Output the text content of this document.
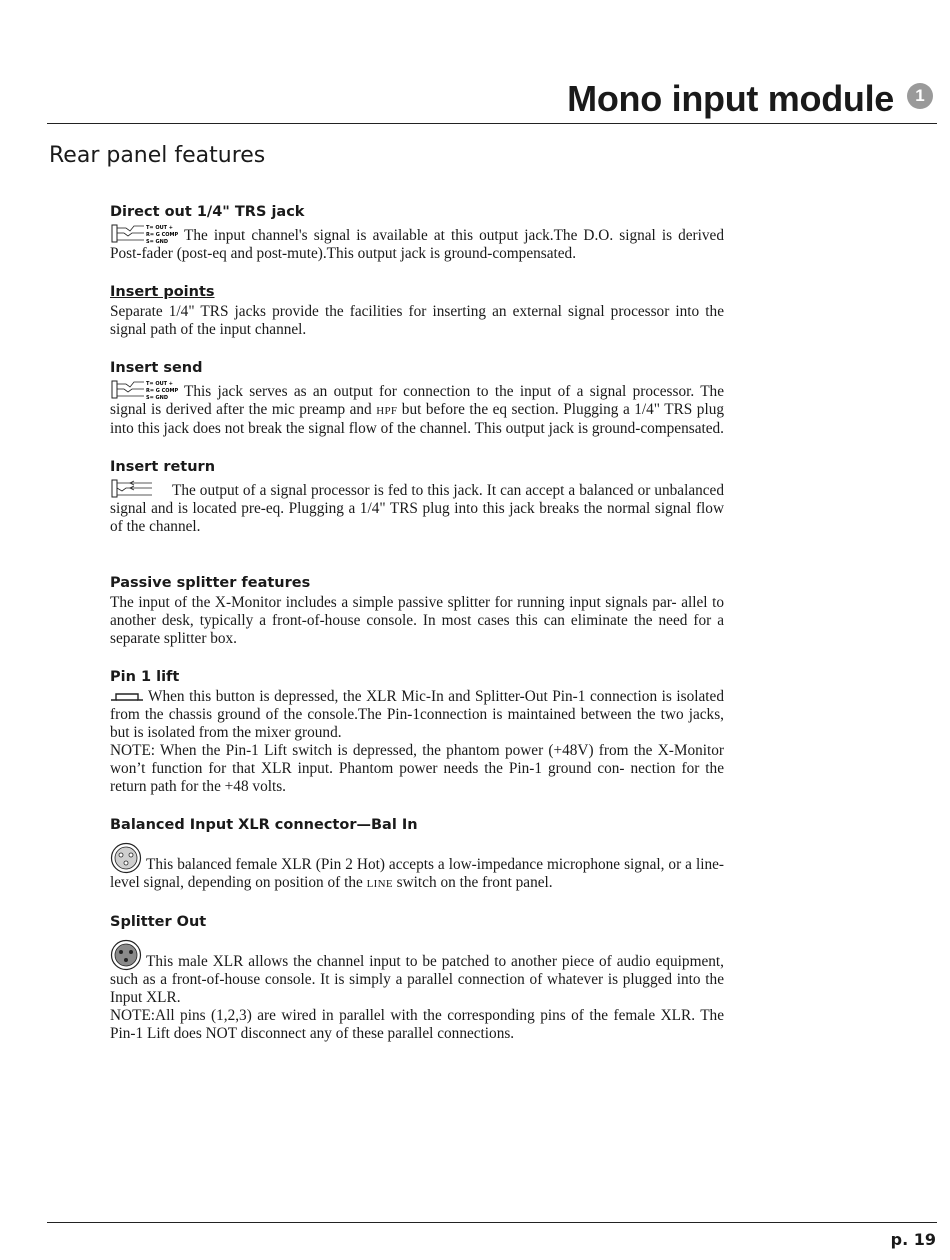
Mono input module	1
Rear panel features
Direct out 1/4" TRS jack

T= OUT +
R= G COMP
S= GND The input channel's signal is available at this output jack.The D.O. signal is derived Post-fader (post-eq and post-mute).This output jack is ground-compensated.

Insert points

Separate 1/4" TRS jacks provide the facilities for inserting an external signal processor into the signal path of the input channel.

Insert send

T= OUT +
R= G COMP
S= GND This jack serves as an output for connection to the input of a signal processor. The signal is derived after the mic preamp and HPF but before the eq section. Plugging a 1/4" TRS plug into this jack does not break the signal flow of the channel. This output jack is ground-compensated.

Insert return

The output of a signal processor is fed to this jack. It can accept a balanced or unbalanced signal and is located pre-eq. Plugging a 1/4" TRS plug into this jack breaks the normal signal flow of the channel.

Passive splitter features

The input of the X-Monitor includes a simple passive splitter for running input signals par- allel to another desk, typically a front-of-house console. In most cases this can eliminate the need for a separate splitter box.

Pin 1 lift

When this button is depressed, the XLR Mic-In and Splitter-Out Pin-1 connection is isolated from the chassis ground of the console.The Pin-1connection is maintained between the two jacks, but is isolated from the mixer ground.

NOTE: When the Pin-1 Lift switch is depressed, the phantom power (+48V) from the X-Monitor won’t function for that XLR input. Phantom power needs the Pin-1 ground con- nection for the return path for the +48 volts.

Balanced Input XLR connector—Bal In

This balanced female XLR (Pin 2 Hot) accepts a low-impedance microphone signal, or a line-level signal, depending on position of the LINE switch on the front panel.

Splitter Out

This male XLR allows the channel input to be patched to another piece of audio equipment, such as a front-of-house console. It is simply a parallel connection of whatever is plugged into the Input XLR.

NOTE:All pins (1,2,3) are wired in parallel with the corresponding pins of the female XLR. The Pin-1 Lift does NOT disconnect any of these parallel connections.

p. 19
